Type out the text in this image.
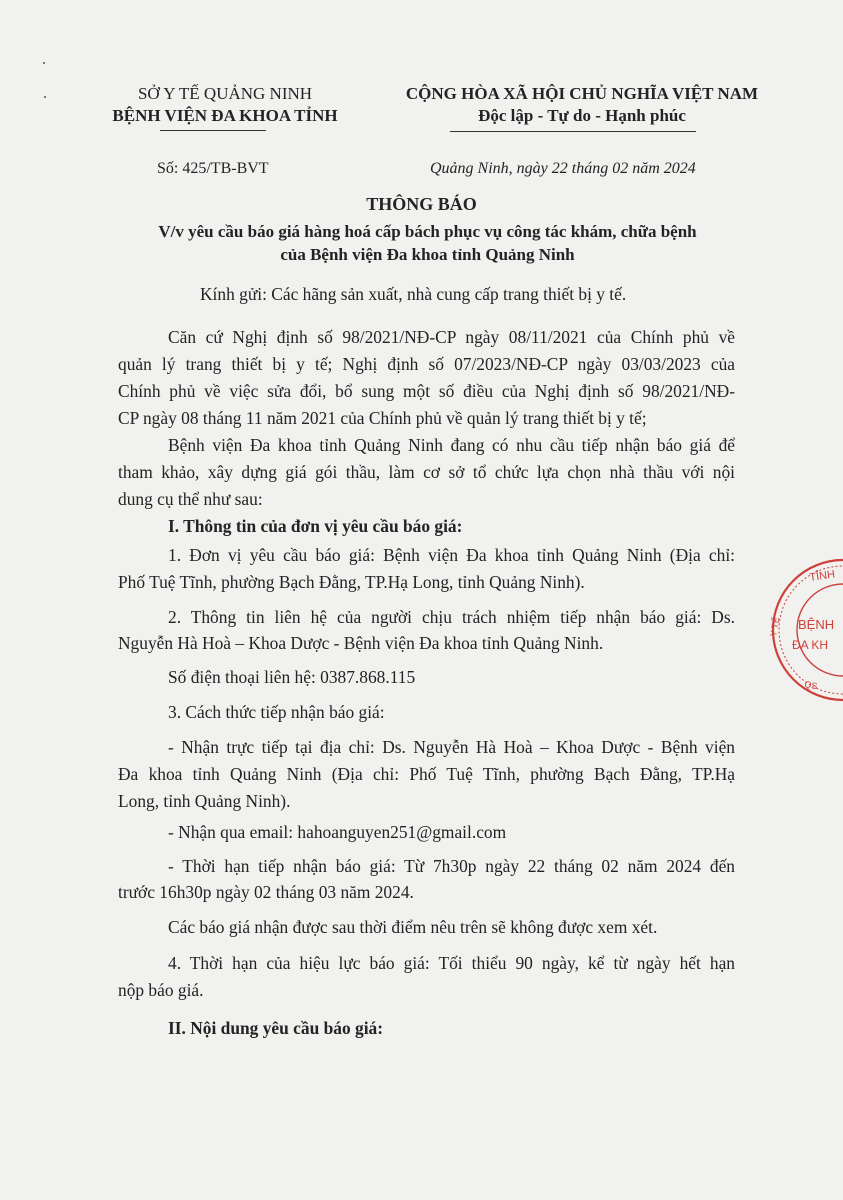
SỞ Y TẾ QUẢNG NINH
BỆNH VIỆN ĐA KHOA TỈNH
CỘNG HÒA XÃ HỘI CHỦ NGHĨA VIỆT NAM
Độc lập - Tự do - Hạnh phúc
Số: 425/TB-BVT	Quảng Ninh, ngày 22 tháng 02 năm 2024
THÔNG BÁO
V/v yêu cầu báo giá hàng hoá cấp bách phục vụ công tác khám, chữa bệnh
của Bệnh viện Đa khoa tỉnh Quảng Ninh
Kính gửi: Các hãng sản xuất, nhà cung cấp trang thiết bị y tế.
Căn cứ Nghị định số 98/2021/NĐ-CP ngày 08/11/2021 của Chính phủ về
quản lý trang thiết bị y tế; Nghị định số 07/2023/NĐ-CP ngày 03/03/2023 của
Chính phủ về việc sửa đổi, bổ sung một số điều của Nghị định số 98/2021/NĐ-
CP ngày 08 tháng 11 năm 2021 của Chính phủ về quản lý trang thiết bị y tế;
Bệnh viện Đa khoa tỉnh Quảng Ninh đang có nhu cầu tiếp nhận báo giá để
tham khảo, xây dựng giá gói thầu, làm cơ sở tổ chức lựa chọn nhà thầu với nội
dung cụ thể như sau:
I. Thông tin của đơn vị yêu cầu báo giá:
1. Đơn vị yêu cầu báo giá: Bệnh viện Đa khoa tỉnh Quảng Ninh (Địa chỉ:
Phố Tuệ Tĩnh, phường Bạch Đằng, TP.Hạ Long, tỉnh Quảng Ninh).
2. Thông tin liên hệ của người chịu trách nhiệm tiếp nhận báo giá: Ds.
Nguyễn Hà Hoà – Khoa Dược - Bệnh viện Đa khoa tỉnh Quảng Ninh.
Số điện thoại liên hệ: 0387.868.115
3. Cách thức tiếp nhận báo giá:
- Nhận trực tiếp tại địa chỉ: Ds. Nguyễn Hà Hoà – Khoa Dược - Bệnh viện
Đa khoa tỉnh Quảng Ninh (Địa chỉ: Phố Tuệ Tĩnh, phường Bạch Đằng, TP.Hạ
Long, tỉnh Quảng Ninh).
- Nhận qua email: hahoanguyen251@gmail.com
- Thời hạn tiếp nhận báo giá: Từ 7h30p ngày 22 tháng 02 năm 2024 đến
trước 16h30p ngày 02 tháng 03 năm 2024.
Các báo giá nhận được sau thời điểm nêu trên sẽ không được xem xét.
4. Thời hạn của hiệu lực báo giá: Tối thiểu 90 ngày, kể từ ngày hết hạn
nộp báo giá.
II. Nội dung yêu cầu báo giá:
TỈNH
BỆNH
ĐA KH
Y TẾ
QS
